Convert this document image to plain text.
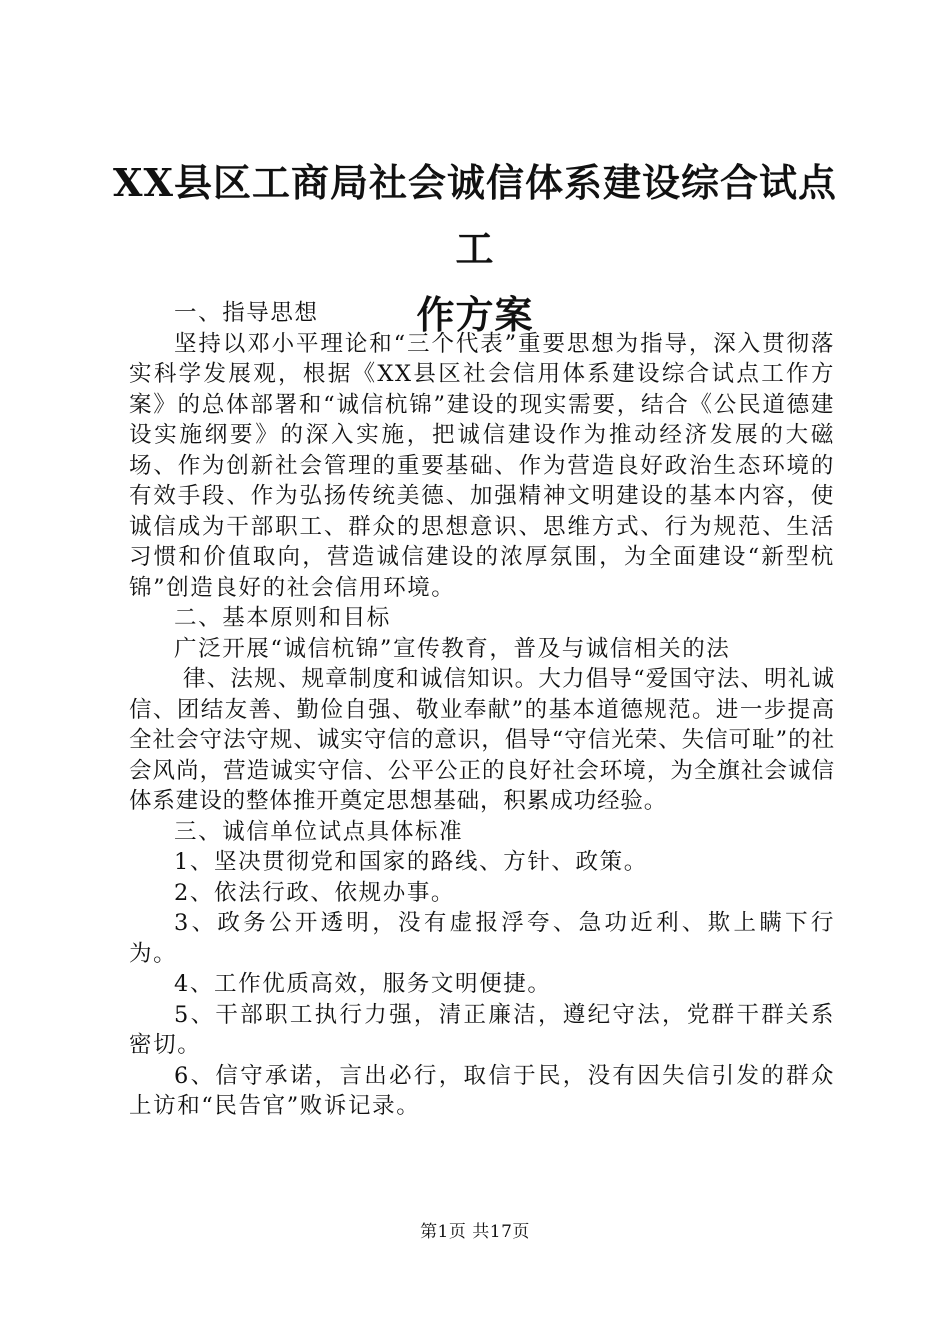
XX县区工商局社会诚信体系建设综合试点工
作方案

一、指导思想

坚持以邓小平理论和“三个代表”重要思想为指导，深入贯彻落实科学发展观，根据《XX县区社会信用体系建设综合试点工作方案》的总体部署和“诚信杭锦”建设的现实需要，结合《公民道德建设实施纲要》的深入实施，把诚信建设作为推动经济发展的大磁场、作为创新社会管理的重要基础、作为营造良好政治生态环境的有效手段、作为弘扬传统美德、加强精神文明建设的基本内容，使诚信成为干部职工、群众的思想意识、思维方式、行为规范、生活习惯和价值取向，营造诚信建设的浓厚氛围，为全面建设“新型杭锦”创造良好的社会信用环境。

二、基本原则和目标

广泛开展“诚信杭锦”宣传教育，普及与诚信相关的法

律、法规、规章制度和诚信知识。大力倡导“爱国守法、明礼诚信、团结友善、勤俭自强、敬业奉献”的基本道德规范。进一步提高全社会守法守规、诚实守信的意识，倡导“守信光荣、失信可耻”的社会风尚，营造诚实守信、公平公正的良好社会环境，为全旗社会诚信体系建设的整体推开奠定思想基础，积累成功经验。

三、诚信单位试点具体标准

1、坚决贯彻党和国家的路线、方针、政策。

2、依法行政、依规办事。

3、政务公开透明，没有虚报浮夸、急功近利、欺上瞒下行为。

4、工作优质高效，服务文明便捷。

5、干部职工执行力强，清正廉洁，遵纪守法，党群干群关系密切。

6、信守承诺，言出必行，取信于民，没有因失信引发的群众上访和“民告官”败诉记录。

第1页 共17页
